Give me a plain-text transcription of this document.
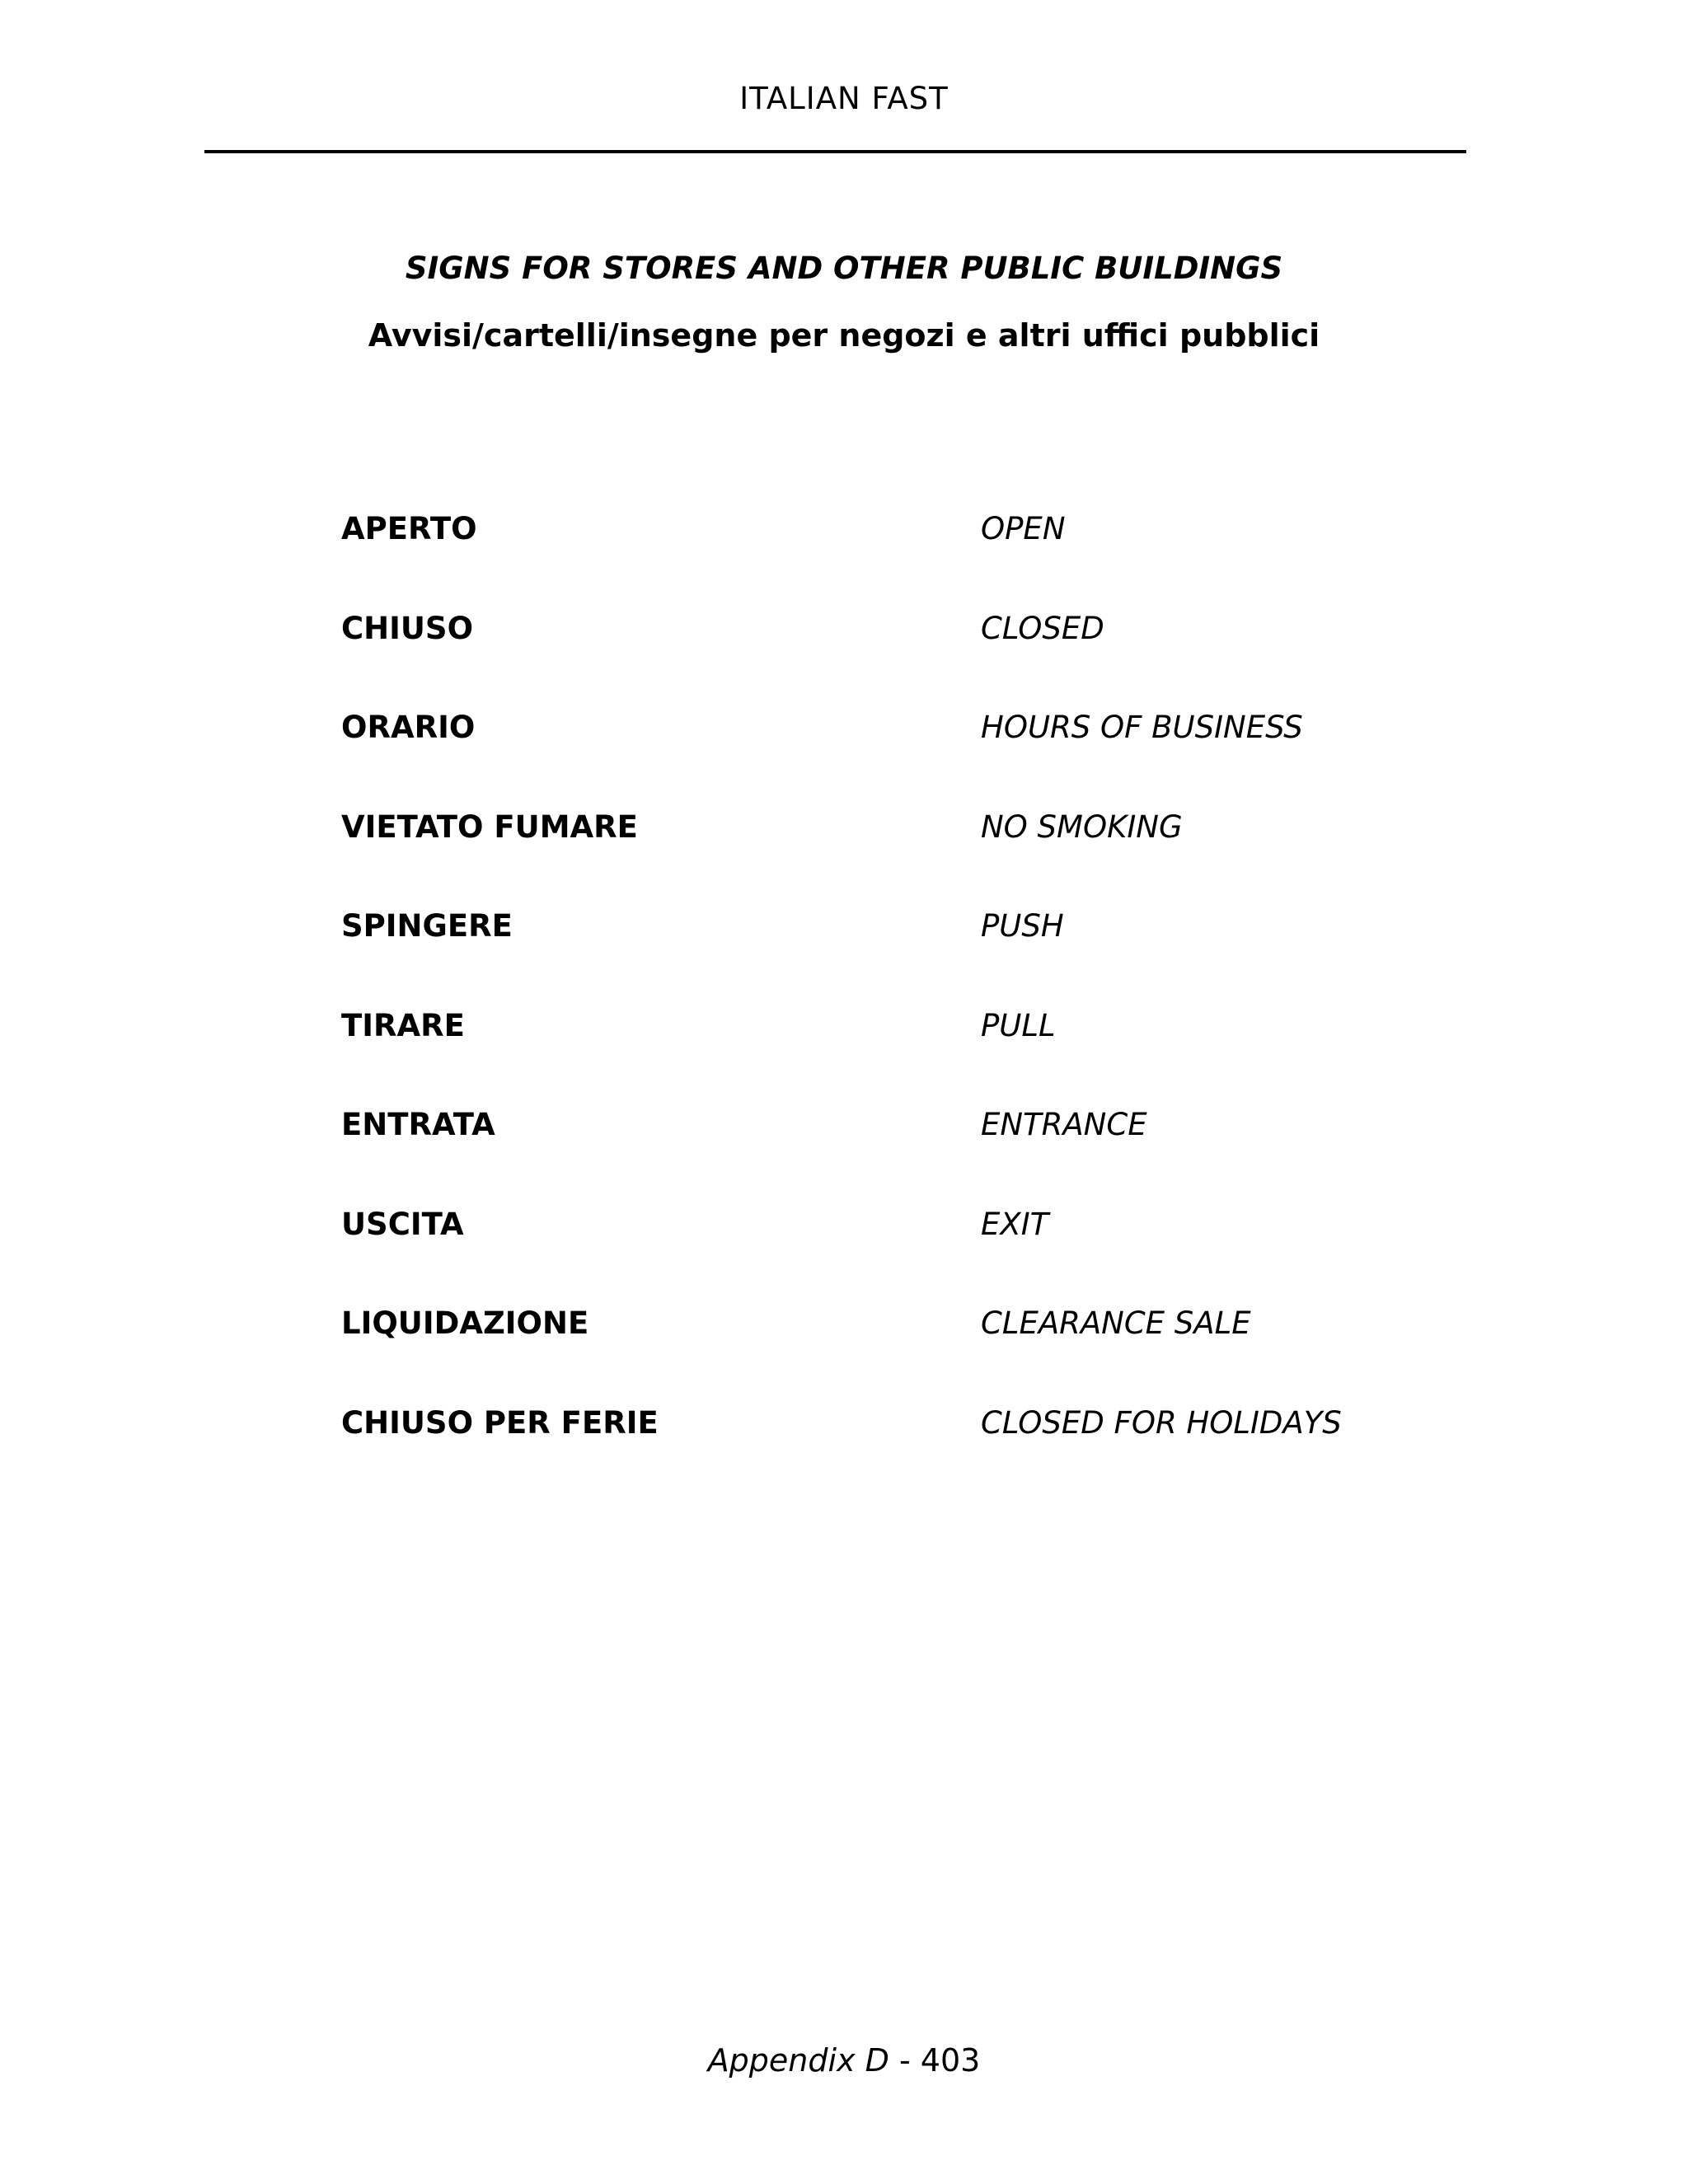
ITALIAN FAST
SIGNS FOR STORES AND OTHER PUBLIC BUILDINGS
Avvisi/cartelli/insegne per negozi e altri uffici pubblici
APERTO	OPEN
CHIUSO	CLOSED
ORARIO	HOURS OF BUSINESS
VIETATO FUMARE	NO SMOKING
SPINGERE	PUSH
TIRARE	PULL
ENTRATA	ENTRANCE
USCITA	EXIT
LIQUIDAZIONE	CLEARANCE SALE
CHIUSO PER FERIE	CLOSED FOR HOLIDAYS
Appendix D - 403
